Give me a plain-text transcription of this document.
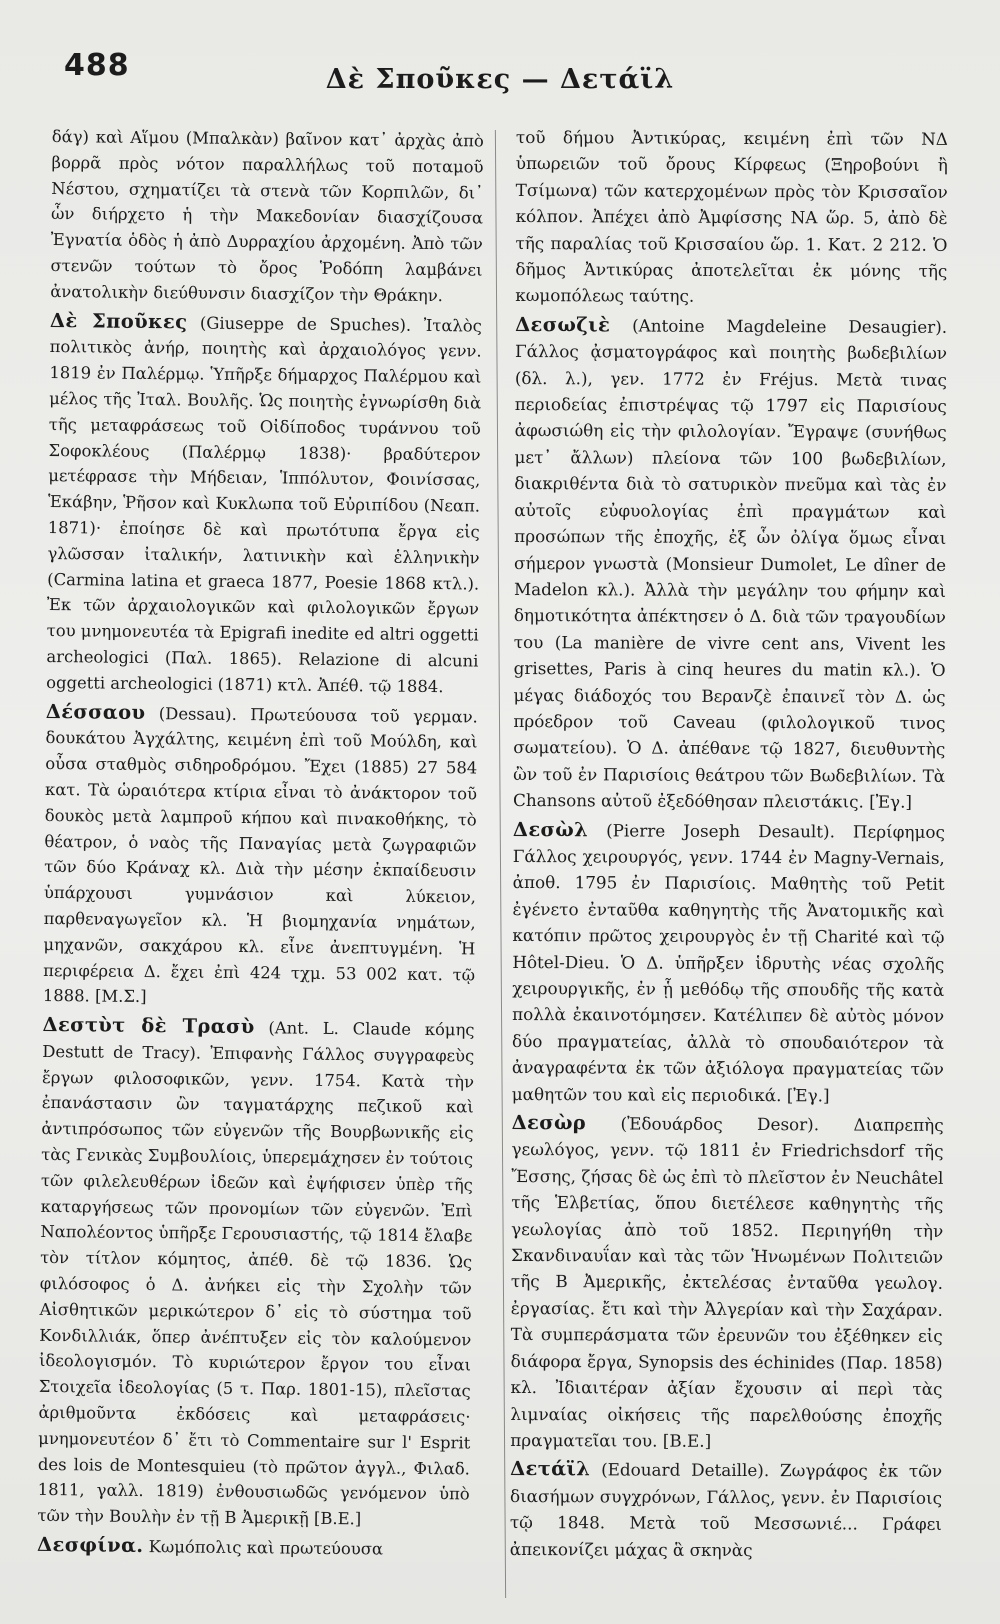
488	Δὲ Σποῦκες — Δετάϊλ

δάγ) καὶ Αἵμου (Μπαλκὰν) βαῖνον κατ᾽ ἀρχὰς ἀπὸ βορρᾶ πρὸς νότον παραλλήλως τοῦ ποταμοῦ Νέστου, σχηματίζει τὰ στενὰ τῶν Κορπιλῶν, δι᾽ ὧν διήρχετο ἡ τὴν Μακεδονίαν διασχίζουσα Ἐγνατία ὁδὸς ἡ ἀπὸ Δυρραχίου ἀρχομένη. Ἀπὸ τῶν στενῶν τούτων τὸ ὄρος Ῥοδόπη λαμβάνει ἀνατολικὴν διεύθυνσιν διασχίζον τὴν Θράκην.

Δὲ Σποῦκες (Giuseppe de Spuches). Ἰταλὸς πολιτικὸς ἀνήρ, ποιητὴς καὶ ἀρχαιολόγος γενν. 1819 ἐν Παλέρμῳ. Ὑπῆρξε δήμαρχος Παλέρμου καὶ μέλος τῆς Ἰταλ. Βουλῆς. Ὡς ποιητὴς ἐγνωρίσθη διὰ τῆς μεταφράσεως τοῦ Οἰδίποδος τυράννου τοῦ Σοφοκλέους (Παλέρμῳ 1838)· βραδύτερον μετέφρασε τὴν Μήδειαν, Ἱππόλυτον, Φοινίσσας, Ἑκάβην, Ῥῆσον καὶ Κυκλωπα τοῦ Εὐριπίδου (Νεαπ. 1871)· ἐποίησε δὲ καὶ πρωτότυπα ἔργα εἰς γλῶσσαν ἰταλικήν, λατινικὴν καὶ ἑλληνικὴν (Carmina latina et graeca 1877, Poesie 1868 κτλ.). Ἐκ τῶν ἀρχαιολογικῶν καὶ φιλολογικῶν ἔργων του μνημονευτέα τὰ Epigrafi inedite ed altri oggetti archeologici (Παλ. 1865). Relazione di alcuni oggetti archeologici (1871) κτλ. Ἀπέθ. τῷ 1884.

Δέσσαου (Dessau). Πρωτεύουσα τοῦ γερμαν. δουκάτου Ἀγχάλτης, κειμένη ἐπὶ τοῦ Μούλδη, καὶ οὖσα σταθμὸς σιδηροδρόμου. Ἔχει (1885) 27 584 κατ. Τὰ ὡραιότερα κτίρια εἶναι τὸ ἀνάκτορον τοῦ δουκὸς μετὰ λαμπροῦ κήπου καὶ πινακοθήκης, τὸ θέατρον, ὁ ναὸς τῆς Παναγίας μετὰ ζωγραφιῶν τῶν δύο Κράναχ κλ. Διὰ τὴν μέσην ἐκπαίδευσιν ὑπάρχουσι γυμνάσιον καὶ λύκειον, παρθεναγωγεῖον κλ. Ἡ βιομηχανία νημάτων, μηχανῶν, σακχάρου κλ. εἶνε ἀνεπτυγμένη. Ἡ περιφέρεια Δ. ἔχει ἐπὶ 424 τχμ. 53 002 κατ. τῷ 1888. [Μ.Σ.]

Δεστὺτ δὲ Τρασὺ (Ant. L. Claude κόμης Destutt de Tracy). Ἐπιφανὴς Γάλλος συγγραφεὺς ἔργων φιλοσοφικῶν, γενν. 1754. Κατὰ τὴν ἐπανάστασιν ὢν ταγματάρχης πεζικοῦ καὶ ἀντιπρόσωπος τῶν εὐγενῶν τῆς Βουρβωνικῆς εἰς τὰς Γενικὰς Συμβουλίοις, ὑπερεμάχησεν ἐν τούτοις τῶν φιλελευθέρων ἰδεῶν καὶ ἐψήφισεν ὑπὲρ τῆς καταργήσεως τῶν προνομίων τῶν εὐγενῶν. Ἐπὶ Ναπολέοντος ὑπῆρξε Γερουσιαστής, τῷ 1814 ἔλαβε τὸν τίτλον κόμητος, ἀπέθ. δὲ τῷ 1836. Ὡς φιλόσοφος ὁ Δ. ἀνήκει εἰς τὴν Σχολὴν τῶν Αἰσθητικῶν μερικώτερον δ᾽ εἰς τὸ σύστημα τοῦ Κονδιλλιάκ, ὅπερ ἀνέπτυξεν εἰς τὸν καλούμενον ἰδεολογισμόν. Τὸ κυριώτερον ἔργον του εἶναι Στοιχεῖα ἰδεολογίας (5 τ. Παρ. 1801-15), πλεῖστας ἀριθμοῦντα ἐκδόσεις καὶ μεταφράσεις· μνημονευτέον δ᾽ ἔτι τὸ Commentaire sur l' Esprit des lois de Montesquieu (τὸ πρῶτον ἀγγλ., Φιλαδ. 1811, γαλλ. 1819) ἐνθουσιωδῶς γενόμενον ὑπὸ τῶν τὴν Βουλὴν ἐν τῇ Β Ἀμερικῇ [Β.Ε.]

Δεσφίνα. Κωμόπολις καὶ πρωτεύουσα

τοῦ δήμου Ἀντικύρας, κειμένη ἐπὶ τῶν ΝΔ ὑπωρειῶν τοῦ ὄρους Κίρφεως (Ξηροβούνι ἢ Τσίμωνα) τῶν κατερχομένων πρὸς τὸν Κρισσαῖον κόλπον. Ἀπέχει ἀπὸ Ἀμφίσσης ΝΑ ὥρ. 5, ἀπὸ δὲ τῆς παραλίας τοῦ Κρισσαίου ὥρ. 1. Κατ. 2 212. Ὁ δῆμος Ἀντικύρας ἀποτελεῖται ἐκ μόνης τῆς κωμοπόλεως ταύτης.

Δεσωζιὲ (Antoine Magdeleine Desaugier). Γάλλος ᾀσματογράφος καὶ ποιητὴς βωδεβιλίων (δλ. λ.), γεν. 1772 ἐν Fréjus. Μετὰ τινας περιοδείας ἐπιστρέψας τῷ 1797 εἰς Παρισίους ἀφωσιώθη εἰς τὴν φιλολογίαν. Ἔγραψε (συνήθως μετ᾽ ἄλλων) πλείονα τῶν 100 βωδεβιλίων, διακριθέντα διὰ τὸ σατυρικὸν πνεῦμα καὶ τὰς ἐν αὐτοῖς εὐφυολογίας ἐπὶ πραγμάτων καὶ προσώπων τῆς ἐποχῆς, ἐξ ὧν ὀλίγα ὅμως εἶναι σήμερον γνωστὰ (Monsieur Dumolet, Le dîner de Madelon κλ.). Ἀλλὰ τὴν μεγάλην του φήμην καὶ δημοτικότητα ἀπέκτησεν ὁ Δ. διὰ τῶν τραγουδίων του (La manière de vivre cent ans, Vivent les grisettes, Paris à cinq heures du matin κλ.). Ὁ μέγας διάδοχός του Βερανζὲ ἐπαινεῖ τὸν Δ. ὡς πρόεδρον τοῦ Caveau (φιλολογικοῦ τινος σωματείου). Ὁ Δ. ἀπέθανε τῷ 1827, διευθυντὴς ὢν τοῦ ἐν Παρισίοις θεάτρου τῶν Βωδεβιλίων. Τὰ Chansons αὐτοῦ ἐξεδόθησαν πλειστάκις. [Ἐγ.]

Δεσὼλ (Pierre Joseph Desault). Περίφημος Γάλλος χειρουργός, γενν. 1744 ἐν Magny-Vernais, ἀποθ. 1795 ἐν Παρισίοις. Μαθητὴς τοῦ Petit ἐγένετο ἐνταῦθα καθηγητὴς τῆς Ἀνατομικῆς καὶ κατόπιν πρῶτος χειρουργὸς ἐν τῇ Charité καὶ τῷ Hôtel-Dieu. Ὁ Δ. ὑπῆρξεν ἱδρυτὴς νέας σχολῆς χειρουργικῆς, ἐν ᾗ μεθόδῳ τῆς σπουδῆς τῆς κατὰ πολλὰ ἐκαινοτόμησεν. Κατέλιπεν δὲ αὐτὸς μόνον δύο πραγματείας, ἀλλὰ τὸ σπουδαιότερον τὰ ἀναγραφέντα ἐκ τῶν ἀξιόλογα πραγματείας τῶν μαθητῶν του καὶ εἰς περιοδικά. [Ἐγ.]

Δεσὼρ (Ἐδουάρδος Desor). Διαπρεπὴς γεωλόγος, γενν. τῷ 1811 ἐν Friedrichsdorf τῆς Ἔσσης, ζήσας δὲ ὡς ἐπὶ τὸ πλεῖστον ἐν Neuchâtel τῆς Ἑλβετίας, ὅπου διετέλεσε καθηγητὴς τῆς γεωλογίας ἀπὸ τοῦ 1852. Περιηγήθη τὴν Σκανδιναυΐαν καὶ τὰς τῶν Ἡνωμένων Πολιτειῶν τῆς Β Ἀμερικῆς, ἐκτελέσας ἐνταῦθα γεωλογ. ἐργασίας. ἔτι καὶ τὴν Ἀλγερίαν καὶ τὴν Σαχάραν. Τὰ συμπεράσματα τῶν ἐρευνῶν του ἐξέθηκεν εἰς διάφορα ἔργα, Synopsis des échinides (Παρ. 1858) κλ. Ἰδιαιτέραν ἀξίαν ἔχουσιν αἱ περὶ τὰς λιμναίας οἰκήσεις τῆς παρελθούσης ἐποχῆς πραγματεῖαι του. [Β.Ε.]

Δετάϊλ (Edouard Detaille). Ζωγράφος ἐκ τῶν διασήμων συγχρόνων, Γάλλος, γενν. ἐν Παρισίοις τῷ 1848. Μετὰ τοῦ Μεσσωνιέ... Γράφει ἀπεικονίζει μάχας ἃ σκηνὰς
